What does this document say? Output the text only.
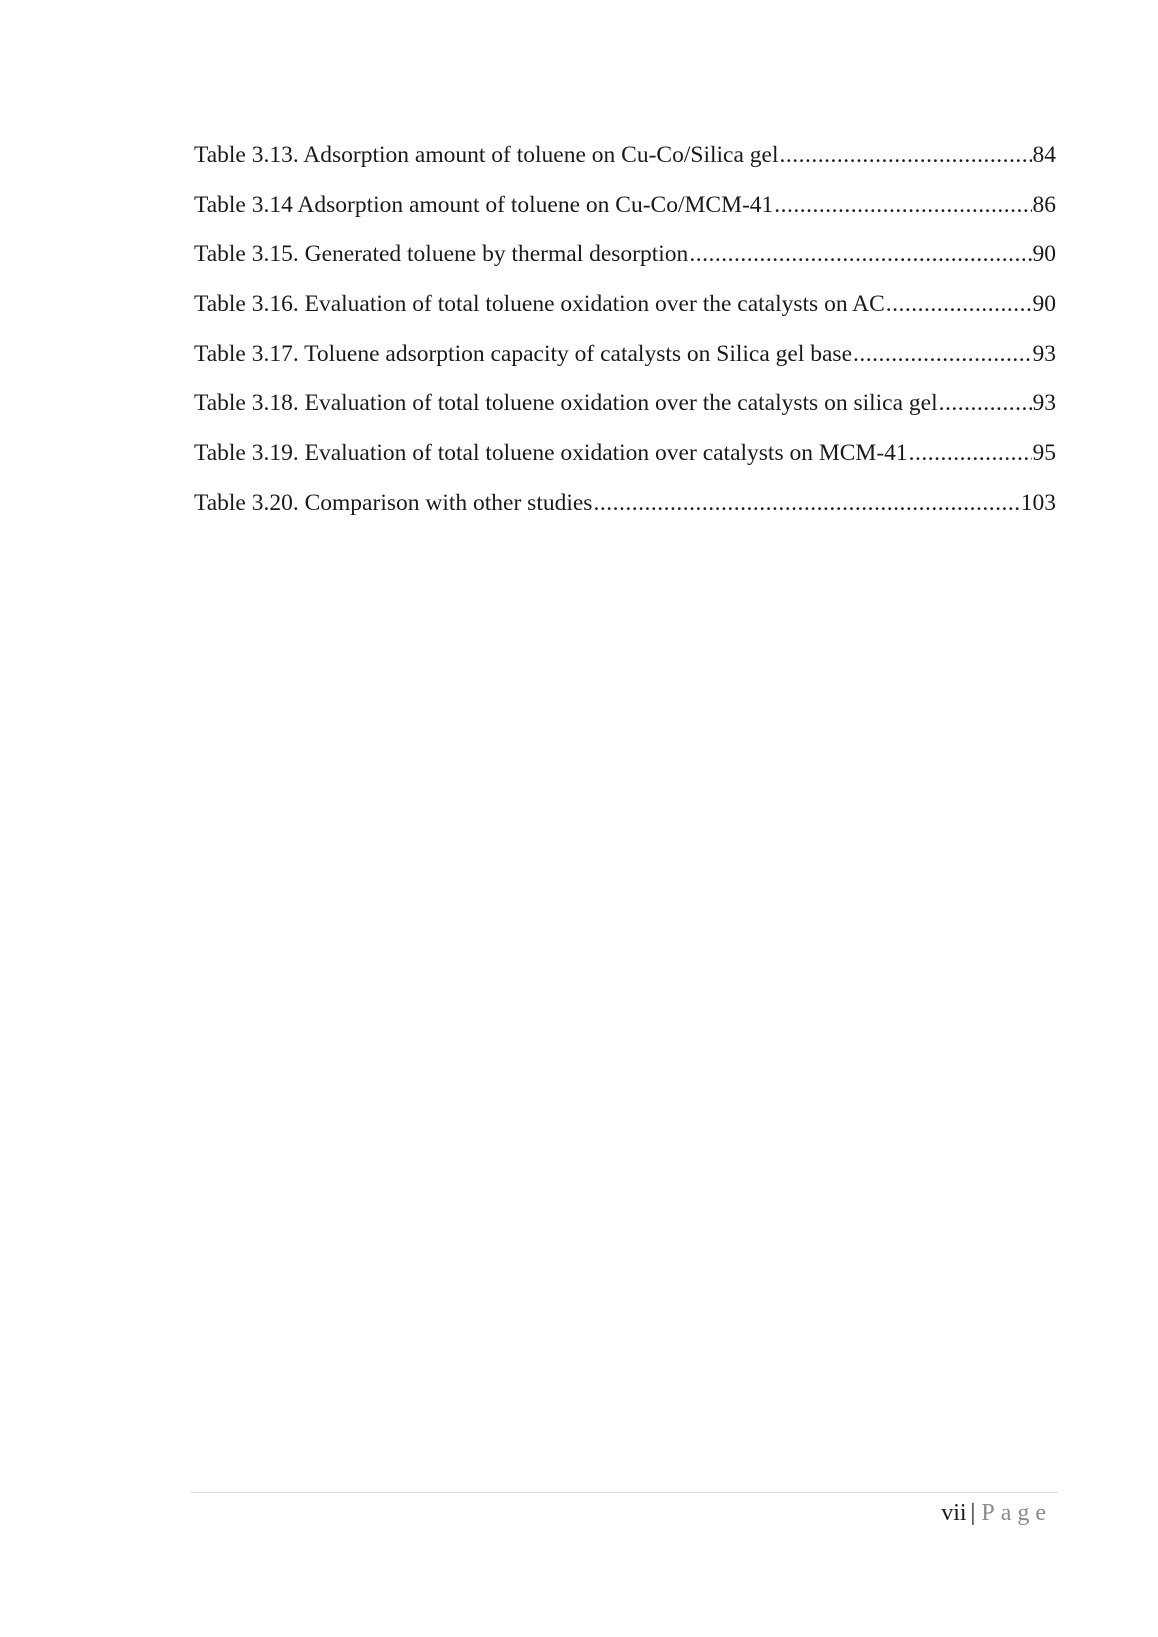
Table 3.13. Adsorption amount of toluene on Cu-Co/Silica gel .....	84
Table 3.14 Adsorption amount of toluene on Cu-Co/MCM-41 .....	86
Table 3.15. Generated toluene by thermal desorption .....	90
Table 3.16. Evaluation of total toluene oxidation over the catalysts on AC .....	90
Table 3.17. Toluene adsorption capacity of catalysts on Silica gel base .....	93
Table 3.18. Evaluation of total toluene oxidation over the catalysts on silica gel .....	93
Table 3.19. Evaluation of total toluene oxidation over catalysts on MCM-41 .....	95
Table 3.20. Comparison with other studies .....	103
vii | Page
